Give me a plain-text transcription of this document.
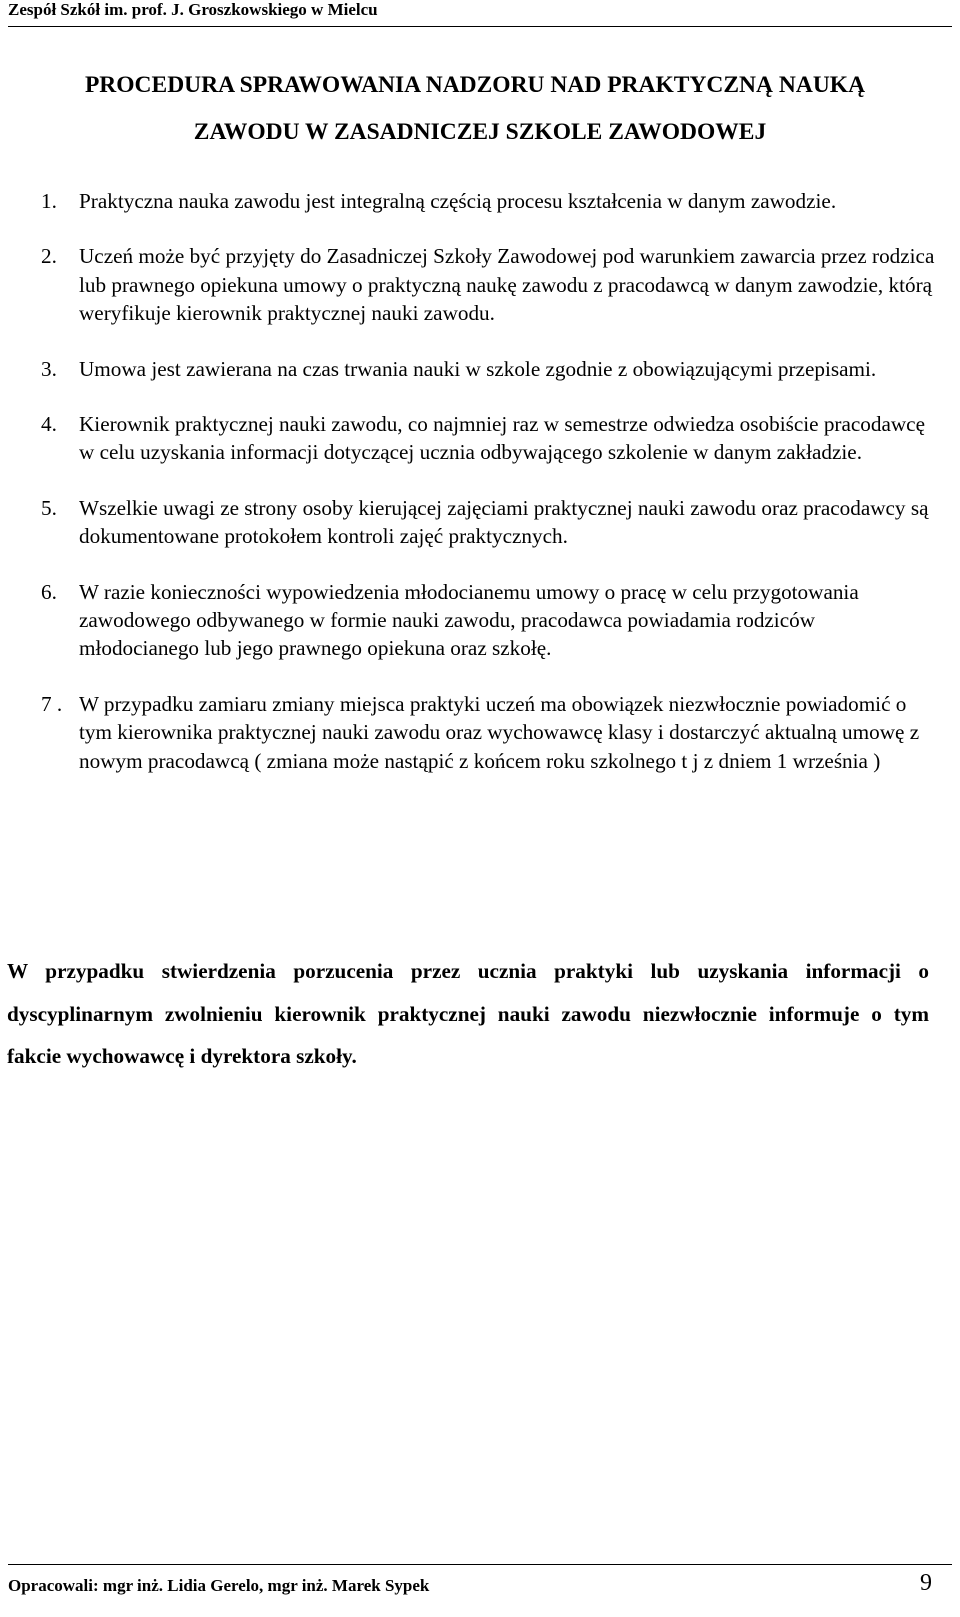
Zespół Szkół im. prof. J. Groszkowskiego w Mielcu
PROCEDURA SPRAWOWANIA NADZORU NAD PRAKTYCZNĄ NAUKĄ
ZAWODU W ZASADNICZEJ SZKOLE ZAWODOWEJ
1. Praktyczna nauka zawodu jest integralną częścią procesu kształcenia w danym zawodzie.
2. Uczeń może być przyjęty do Zasadniczej Szkoły Zawodowej pod warunkiem zawarcia przez rodzica lub prawnego opiekuna umowy o praktyczną naukę zawodu z pracodawcą w danym zawodzie, którą weryfikuje kierownik praktycznej nauki zawodu.
3. Umowa jest zawierana na czas trwania nauki w szkole zgodnie z obowiązującymi przepisami.
4. Kierownik praktycznej nauki zawodu, co najmniej raz w semestrze odwiedza osobiście pracodawcę w celu uzyskania informacji dotyczącej ucznia odbywającego szkolenie w danym zakładzie.
5. Wszelkie uwagi ze strony osoby kierującej zajęciami praktycznej nauki zawodu oraz pracodawcy są dokumentowane protokołem kontroli zajęć praktycznych.
6. W razie konieczności wypowiedzenia młodocianemu umowy o pracę w celu przygotowania zawodowego odbywanego w formie nauki zawodu, pracodawca powiadamia rodziców młodocianego lub jego prawnego opiekuna oraz szkołę.
7 . W przypadku zamiaru zmiany miejsca praktyki uczeń ma obowiązek niezwłocznie powiadomić o tym kierownika praktycznej nauki zawodu oraz wychowawcę klasy i dostarczyć aktualną umowę z nowym pracodawcą ( zmiana może nastąpić z końcem roku szkolnego t j z dniem 1 września )
W przypadku stwierdzenia porzucenia przez ucznia praktyki lub uzyskania informacji o dyscyplinarnym zwolnieniu kierownik praktycznej nauki zawodu niezwłocznie informuje o tym fakcie wychowawcę i dyrektora szkoły.
Opracowali: mgr inż. Lidia Gerelo, mgr inż. Marek Sypek	9
